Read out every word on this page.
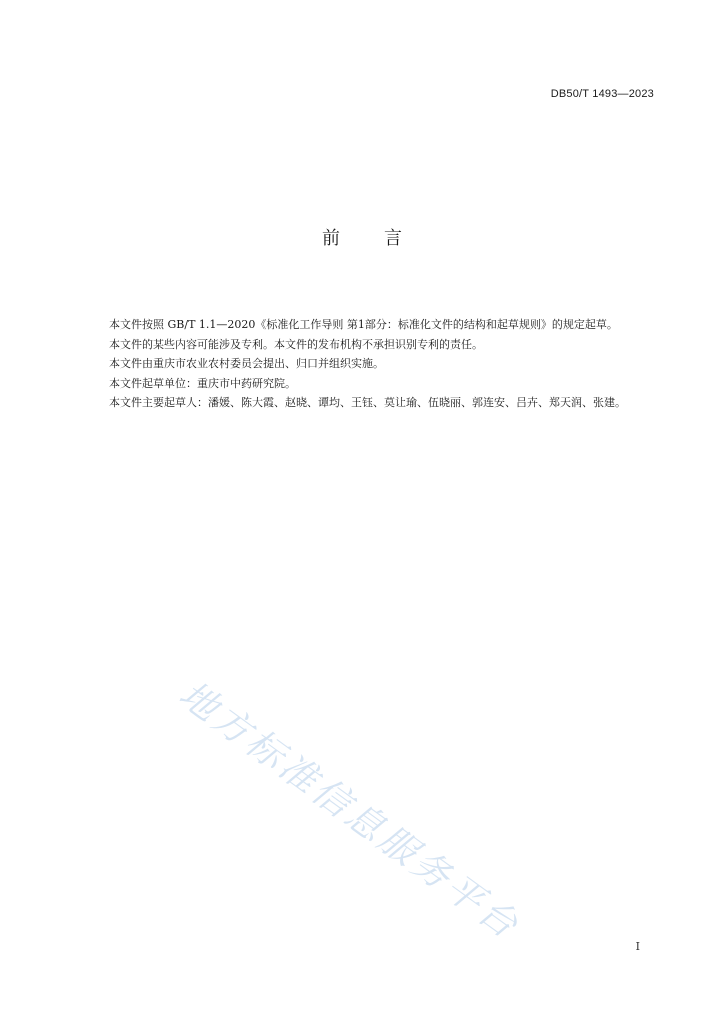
DB50/T 1493—2023
前 言

本文件按照 GB/T 1.1—2020《标准化工作导则 第1部分：标准化文件的结构和起草规则》的规定起草。

本文件的某些内容可能涉及专利。本文件的发布机构不承担识别专利的责任。

本文件由重庆市农业农村委员会提出、归口并组织实施。

本文件起草单位：重庆市中药研究院。

本文件主要起草人：潘媛、陈大霞、赵晓、谭均、王钰、莫让瑜、伍晓丽、郭连安、吕卉、郑天润、张建。

地方标准信息服务平台	I
